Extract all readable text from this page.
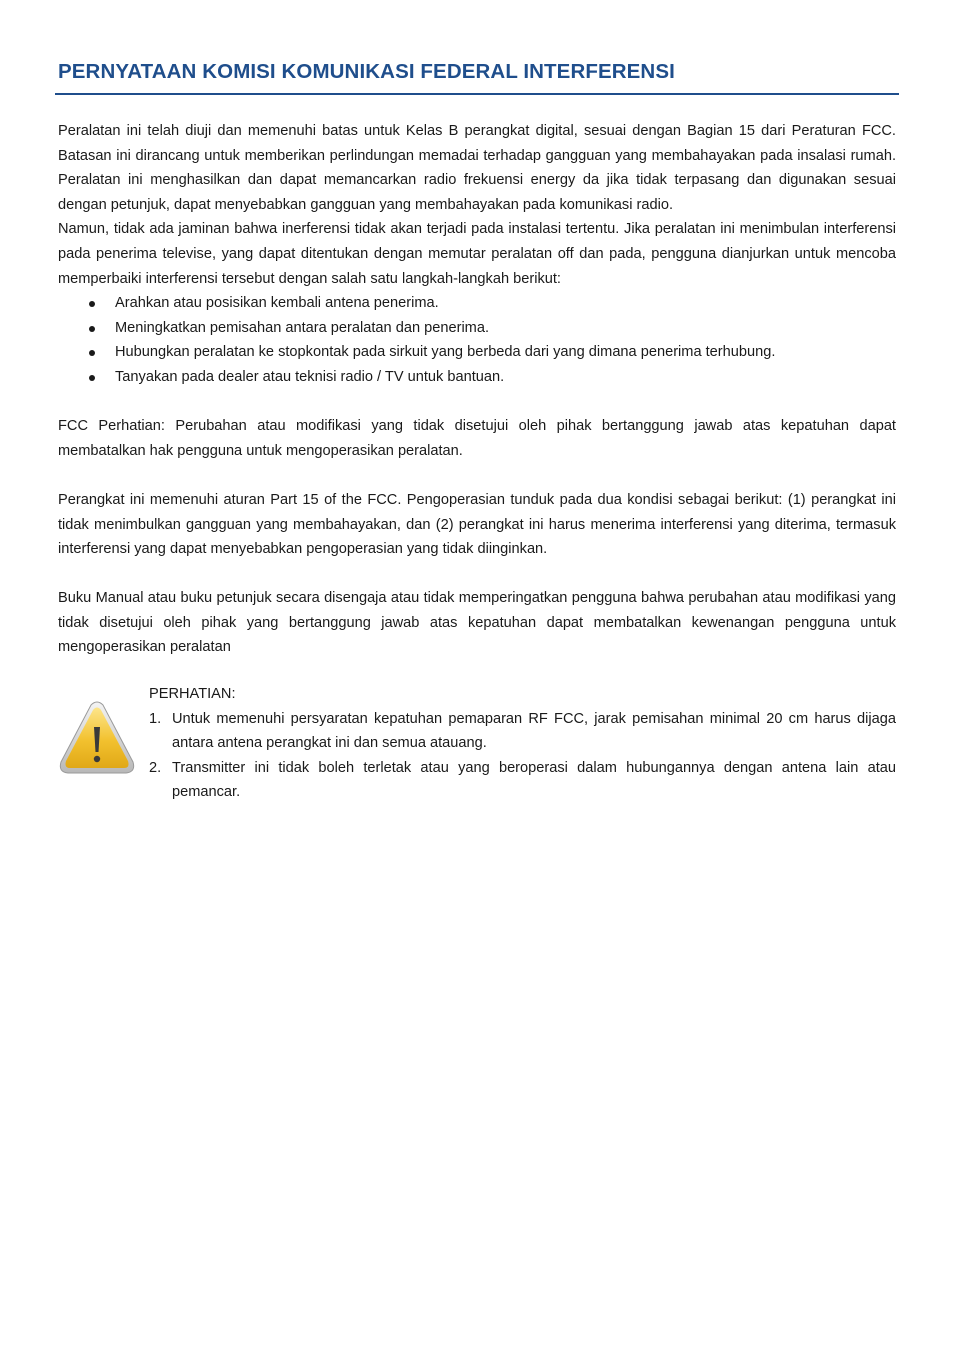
PERNYATAAN KOMISI KOMUNIKASI FEDERAL INTERFERENSI

Peralatan ini telah diuji dan memenuhi batas untuk Kelas B perangkat digital, sesuai dengan Bagian 15 dari Peraturan FCC. Batasan ini dirancang untuk memberikan perlindungan memadai terhadap gangguan yang membahayakan pada insalasi rumah. Peralatan ini menghasilkan dan dapat memancarkan radio frekuensi energy da jika tidak terpasang dan digunakan sesuai dengan petunjuk, dapat menyebabkan gangguan yang membahayakan pada komunikasi radio.

Namun, tidak ada jaminan bahwa inerferensi tidak akan terjadi pada instalasi tertentu. Jika peralatan ini menimbulan interferensi pada penerima televise, yang dapat ditentukan dengan memutar peralatan off dan pada, pengguna dianjurkan untuk mencoba memperbaiki interferensi tersebut dengan salah satu langkah-langkah berikut:

Arahkan atau posisikan kembali antena penerima.
Meningkatkan pemisahan antara peralatan dan penerima.
Hubungkan peralatan ke stopkontak pada sirkuit yang berbeda dari yang dimana penerima terhubung.
Tanyakan pada dealer atau teknisi radio / TV untuk bantuan.

FCC Perhatian: Perubahan atau modifikasi yang tidak disetujui oleh pihak bertanggung jawab atas kepatuhan dapat membatalkan hak pengguna untuk mengoperasikan peralatan.

Perangkat ini memenuhi aturan Part 15 of the FCC. Pengoperasian tunduk pada dua kondisi sebagai berikut: (1) perangkat ini tidak menimbulkan gangguan yang membahayakan, dan (2) perangkat ini harus menerima interferensi yang diterima, termasuk interferensi yang dapat menyebabkan pengoperasian yang tidak diinginkan.

Buku Manual atau buku petunjuk secara disengaja atau tidak memperingatkan pengguna bahwa perubahan atau modifikasi yang tidak disetujui oleh pihak yang bertanggung jawab atas kepatuhan dapat membatalkan kewenangan pengguna untuk mengoperasikan peralatan

PERHATIAN:

1. Untuk memenuhi persyaratan kepatuhan pemaparan RF FCC, jarak pemisahan minimal 20 cm harus dijaga antara antena perangkat ini dan semua atauang.
2. Transmitter ini tidak boleh terletak atau yang beroperasi dalam hubungannya dengan antena lain atau pemancar.
